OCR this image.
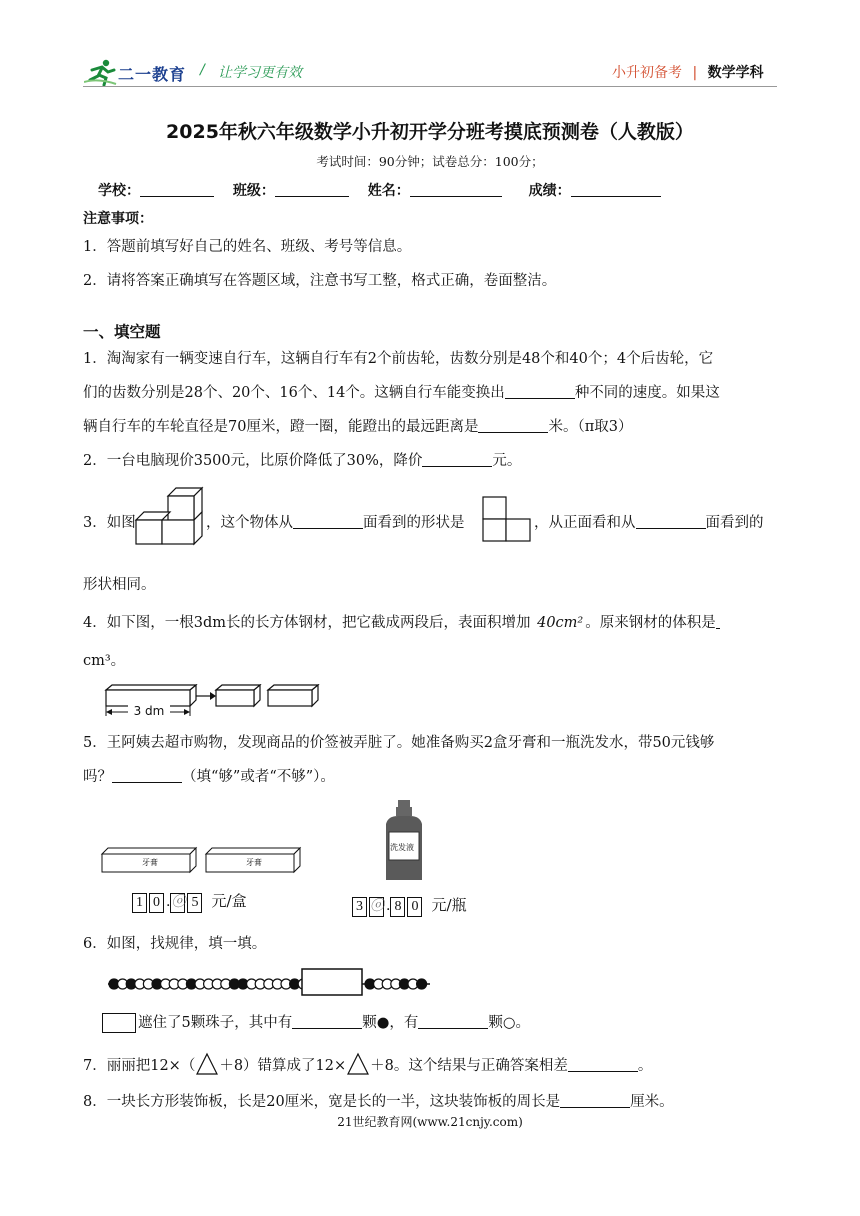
二一教育 / 让学习更有效	小升初备考 | 数学学科
2025年秋六年级数学小升初开学分班考摸底预测卷（人教版）
考试时间：90分钟；试卷总分：100分；
学校：	班级：	姓名：	成绩：
注意事项：
1．答题前填写好自己的姓名、班级、考号等信息。
2．请将答案正确填写在答题区域，注意书写工整，格式正确，卷面整洁。
一、填空题
1．淘淘家有一辆变速自行车，这辆自行车有2个前齿轮，齿数分别是48个和40个；4个后齿轮，它
们的齿数分别是28个、20个、16个、14个。这辆自行车能变换出	种不同的速度。如果这
辆自行车的车轮直径是70厘米，蹬一圈，能蹬出的最远距离是	米。（π取3）
2．一台电脑现价3500元，比原价降低了30%，降价	元。
3．如图	，这个物体从	面看到的形状是	，从正面看和从	面看到的
形状相同。
4．如下图，一根3dm长的长方体钢材，把它截成两段后，表面积增加 40cm² 。原来钢材的体积是
cm³。
3 dm
5．王阿姨去超市购物，发现商品的价签被弄脏了。她准备购买2盒牙膏和一瓶洗发水，带50元钱够
吗？	（填“够”或者“不够”）。
牙膏	牙膏
1 0 .ⓞ 5 元/盒
洗发液
3 ⓞ . 8 0 元/瓶
6．如图，找规律，填一填。
遮住了5颗珠子，其中有	颗●，有	颗○。
7．丽丽把12×（ ＋8）错算成了12× ＋8。这个结果与正确答案相差	。
8．一块长方形装饰板，长是20厘米，宽是长的一半，这块装饰板的周长是	厘米。
21世纪教育网(www.21cnjy.com)
